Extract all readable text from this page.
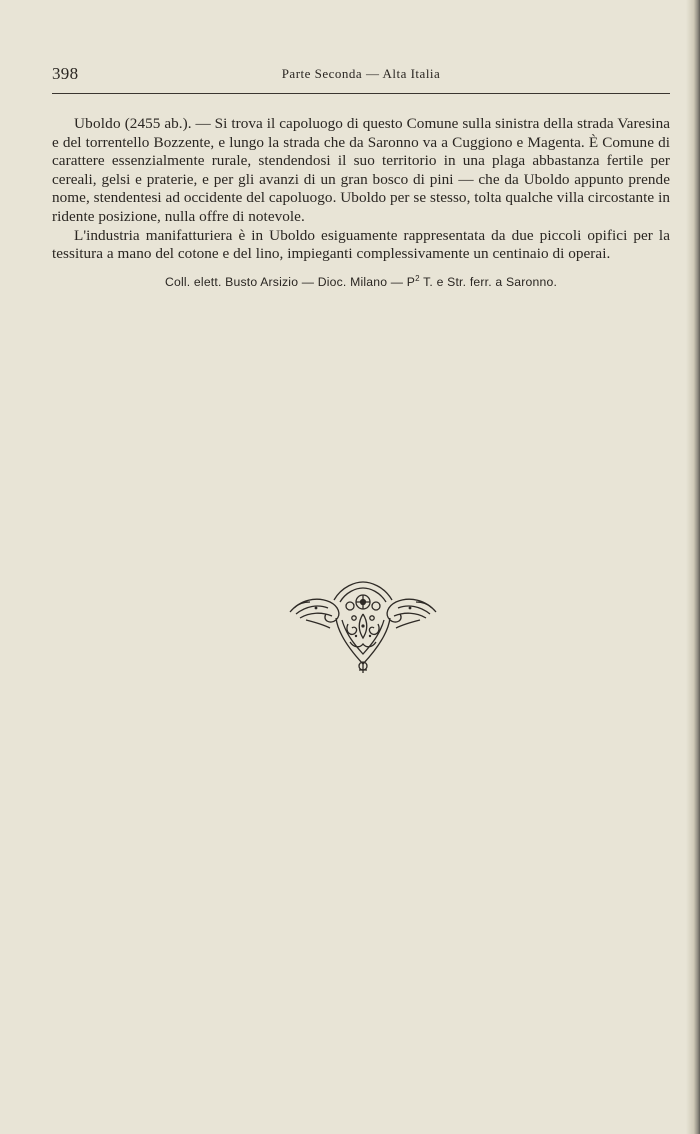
398	Parte Seconda — Alta Italia

Uboldo (2455 ab.). — Si trova il capoluogo di questo Comune sulla sinistra della strada Varesina e del torrentello Bozzente, e lungo la strada che da Saronno va a Cuggiono e Magenta. È Comune di carattere essenzialmente rurale, stendendosi il suo territorio in una plaga abbastanza fertile per cereali, gelsi e praterie, e per gli avanzi di un gran bosco di pini — che da Uboldo appunto prende nome, stendentesi ad occidente del capoluogo. Uboldo per se stesso, tolta qualche villa circostante in ridente posizione, nulla offre di notevole.

L'industria manifatturiera è in Uboldo esiguamente rappresentata da due piccoli opifici per la tessitura a mano del cotone e del lino, impieganti complessivamente un centinaio di operai.

Coll. elett. Busto Arsizio — Dioc. Milano — $P^2$ T. e Str. ferr. a Saronno.
